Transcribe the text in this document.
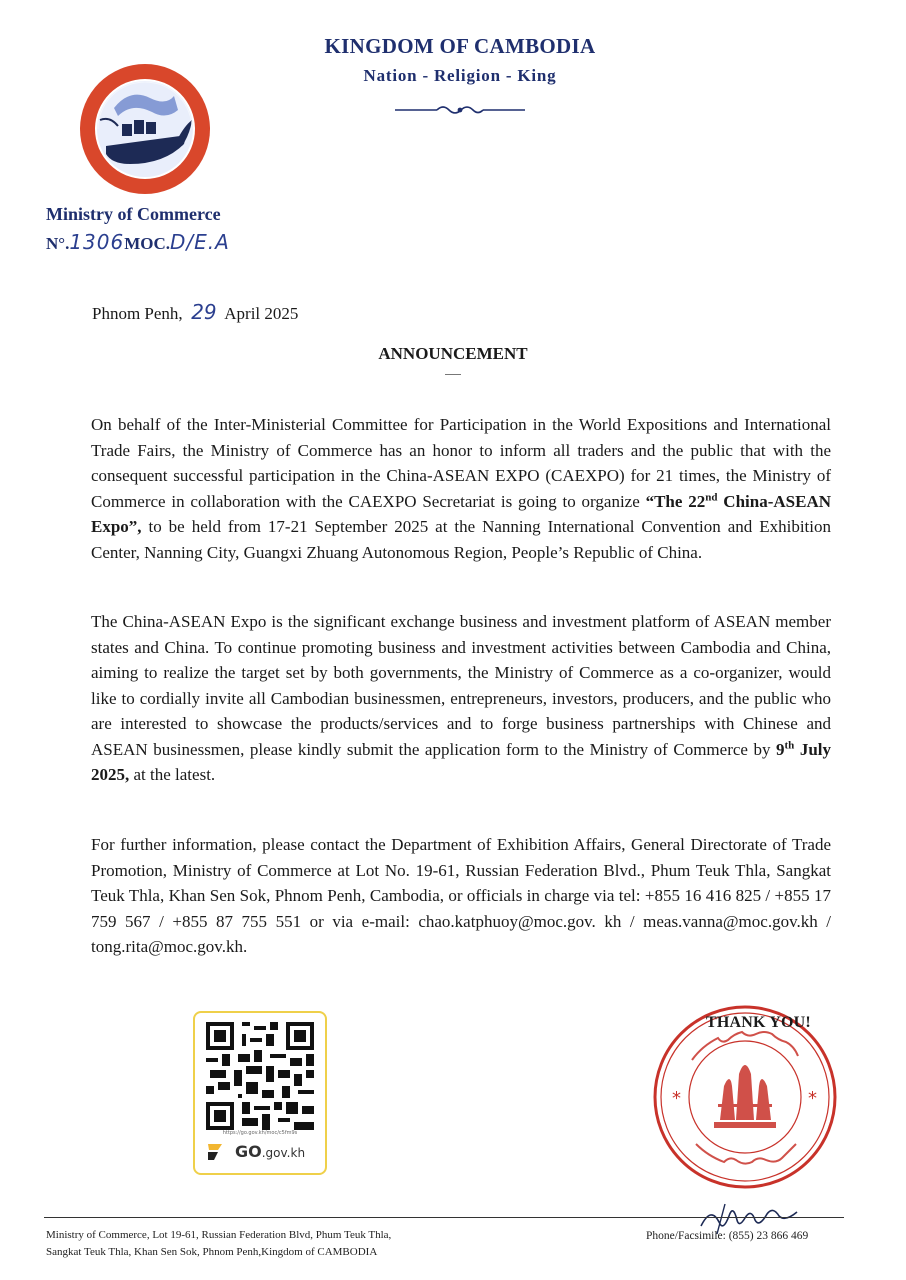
KINGDOM OF CAMBODIA
Nation - Religion - King
Ministry of Commerce
N°.1306MOC.D/E.A
Phnom Penh, 29 April 2025
ANNOUNCEMENT
On behalf of the Inter-Ministerial Committee for Participation in the World Expositions and International Trade Fairs, the Ministry of Commerce has an honor to inform all traders and the public that with the consequent successful participation in the China-ASEAN EXPO (CAEXPO) for 21 times, the Ministry of Commerce in collaboration with the CAEXPO Secretariat is going to organize “The 22nd China-ASEAN Expo”, to be held from 17-21 September 2025 at the Nanning International Convention and Exhibition Center, Nanning City, Guangxi Zhuang Autonomous Region, People’s Republic of China.
The China-ASEAN Expo is the significant exchange business and investment platform of ASEAN member states and China. To continue promoting business and investment activities between Cambodia and China, aiming to realize the target set by both governments, the Ministry of Commerce as a co-organizer, would like to cordially invite all Cambodian businessmen, entrepreneurs, investors, producers, and the public who are interested to showcase the products/services and to forge business partnerships with Chinese and ASEAN businessmen, please kindly submit the application form to the Ministry of Commerce by 9th July 2025, at the latest.
For further information, please contact the Department of Exhibition Affairs, General Directorate of Trade Promotion, Ministry of Commerce at Lot No. 19-61, Russian Federation Blvd., Phum Teuk Thla, Sangkat Teuk Thla, Khan Sen Sok, Phnom Penh, Cambodia, or officials in charge via tel: +855 16 416 825 / +855 17 759 567 / +855 87 755 551 or via e-mail: chao.katphuoy@moc.gov. kh / meas.vanna@moc.gov.kh / tong.rita@moc.gov.kh.
https://go.gov.kh/moc/c5fm9s
GO.gov.kh
*	*
THANK YOU!
Ministry of Commerce, Lot 19-61, Russian Federation Blvd, Phum Teuk Thla,
Sangkat Teuk Thla, Khan Sen Sok, Phnom Penh,Kingdom of CAMBODIA
Phone/Facsimile: (855) 23 866 469
